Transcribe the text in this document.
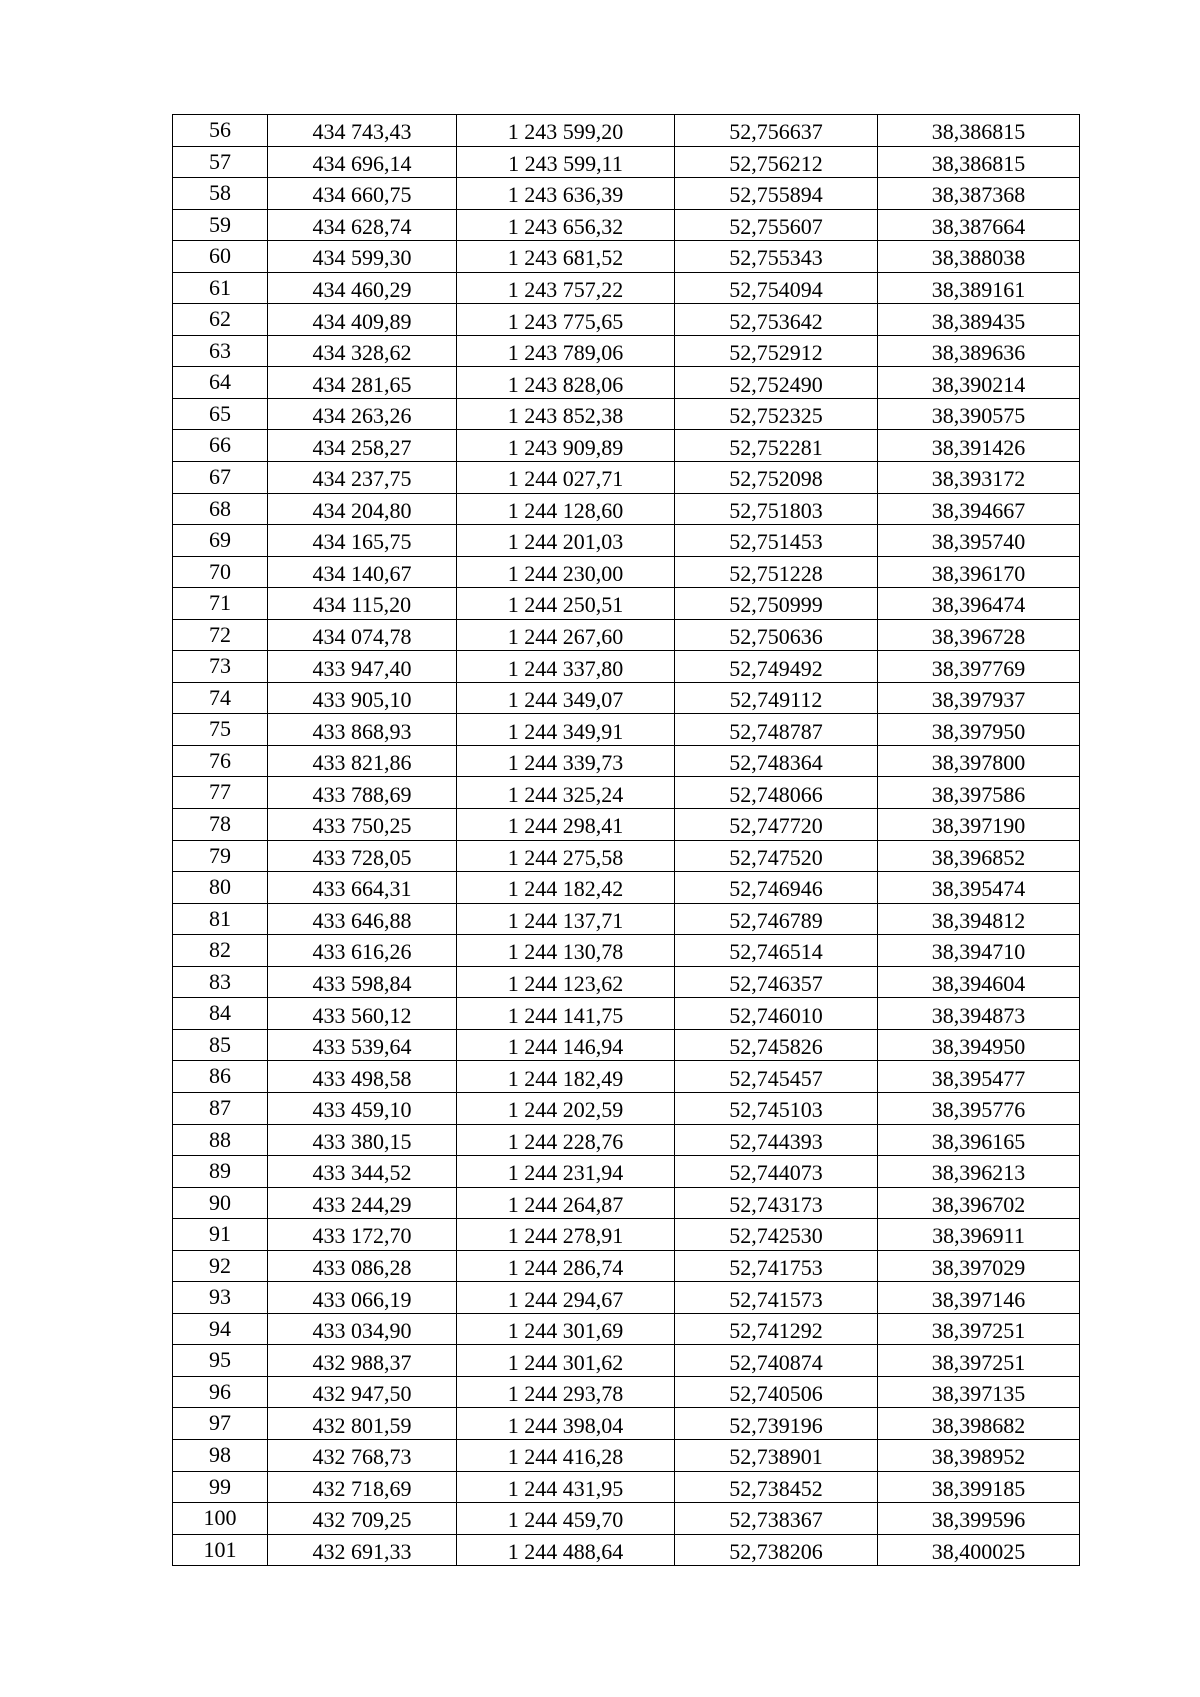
56	434 743,43	1 243 599,20	52,756637	38,386815
57	434 696,14	1 243 599,11	52,756212	38,386815
58	434 660,75	1 243 636,39	52,755894	38,387368
59	434 628,74	1 243 656,32	52,755607	38,387664
60	434 599,30	1 243 681,52	52,755343	38,388038
61	434 460,29	1 243 757,22	52,754094	38,389161
62	434 409,89	1 243 775,65	52,753642	38,389435
63	434 328,62	1 243 789,06	52,752912	38,389636
64	434 281,65	1 243 828,06	52,752490	38,390214
65	434 263,26	1 243 852,38	52,752325	38,390575
66	434 258,27	1 243 909,89	52,752281	38,391426
67	434 237,75	1 244 027,71	52,752098	38,393172
68	434 204,80	1 244 128,60	52,751803	38,394667
69	434 165,75	1 244 201,03	52,751453	38,395740
70	434 140,67	1 244 230,00	52,751228	38,396170
71	434 115,20	1 244 250,51	52,750999	38,396474
72	434 074,78	1 244 267,60	52,750636	38,396728
73	433 947,40	1 244 337,80	52,749492	38,397769
74	433 905,10	1 244 349,07	52,749112	38,397937
75	433 868,93	1 244 349,91	52,748787	38,397950
76	433 821,86	1 244 339,73	52,748364	38,397800
77	433 788,69	1 244 325,24	52,748066	38,397586
78	433 750,25	1 244 298,41	52,747720	38,397190
79	433 728,05	1 244 275,58	52,747520	38,396852
80	433 664,31	1 244 182,42	52,746946	38,395474
81	433 646,88	1 244 137,71	52,746789	38,394812
82	433 616,26	1 244 130,78	52,746514	38,394710
83	433 598,84	1 244 123,62	52,746357	38,394604
84	433 560,12	1 244 141,75	52,746010	38,394873
85	433 539,64	1 244 146,94	52,745826	38,394950
86	433 498,58	1 244 182,49	52,745457	38,395477
87	433 459,10	1 244 202,59	52,745103	38,395776
88	433 380,15	1 244 228,76	52,744393	38,396165
89	433 344,52	1 244 231,94	52,744073	38,396213
90	433 244,29	1 244 264,87	52,743173	38,396702
91	433 172,70	1 244 278,91	52,742530	38,396911
92	433 086,28	1 244 286,74	52,741753	38,397029
93	433 066,19	1 244 294,67	52,741573	38,397146
94	433 034,90	1 244 301,69	52,741292	38,397251
95	432 988,37	1 244 301,62	52,740874	38,397251
96	432 947,50	1 244 293,78	52,740506	38,397135
97	432 801,59	1 244 398,04	52,739196	38,398682
98	432 768,73	1 244 416,28	52,738901	38,398952
99	432 718,69	1 244 431,95	52,738452	38,399185
100	432 709,25	1 244 459,70	52,738367	38,399596
101	432 691,33	1 244 488,64	52,738206	38,400025
